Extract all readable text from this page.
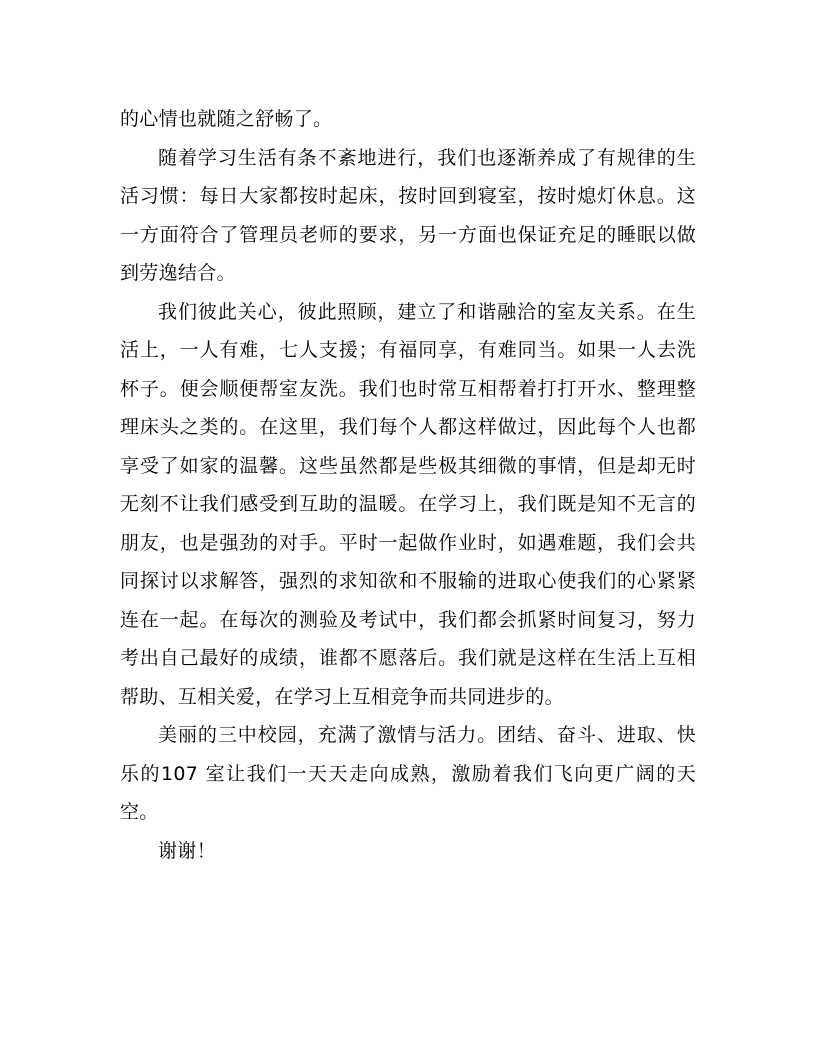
的心情也就随之舒畅了。

随着学习生活有条不紊地进行，我们也逐渐养成了有规律的生活习惯：每日大家都按时起床，按时回到寝室，按时熄灯休息。这一方面符合了管理员老师的要求，另一方面也保证充足的睡眠以做到劳逸结合。

我们彼此关心，彼此照顾，建立了和谐融洽的室友关系。在生活上，一人有难，七人支援；有福同享，有难同当。如果一人去洗杯子。便会顺便帮室友洗。我们也时常互相帮着打打开水、整理整理床头之类的。在这里，我们每个人都这样做过，因此每个人也都享受了如家的温馨。这些虽然都是些极其细微的事情，但是却无时无刻不让我们感受到互助的温暖。在学习上，我们既是知不无言的朋友，也是强劲的对手。平时一起做作业时，如遇难题，我们会共同探讨以求解答，强烈的求知欲和不服输的进取心使我们的心紧紧连在一起。在每次的测验及考试中，我们都会抓紧时间复习，努力考出自己最好的成绩，谁都不愿落后。我们就是这样在生活上互相帮助、互相关爱，在学习上互相竞争而共同进步的。

美丽的三中校园，充满了激情与活力。团结、奋斗、进取、快乐的107 室让我们一天天走向成熟，激励着我们飞向更广阔的天空。

谢谢！
